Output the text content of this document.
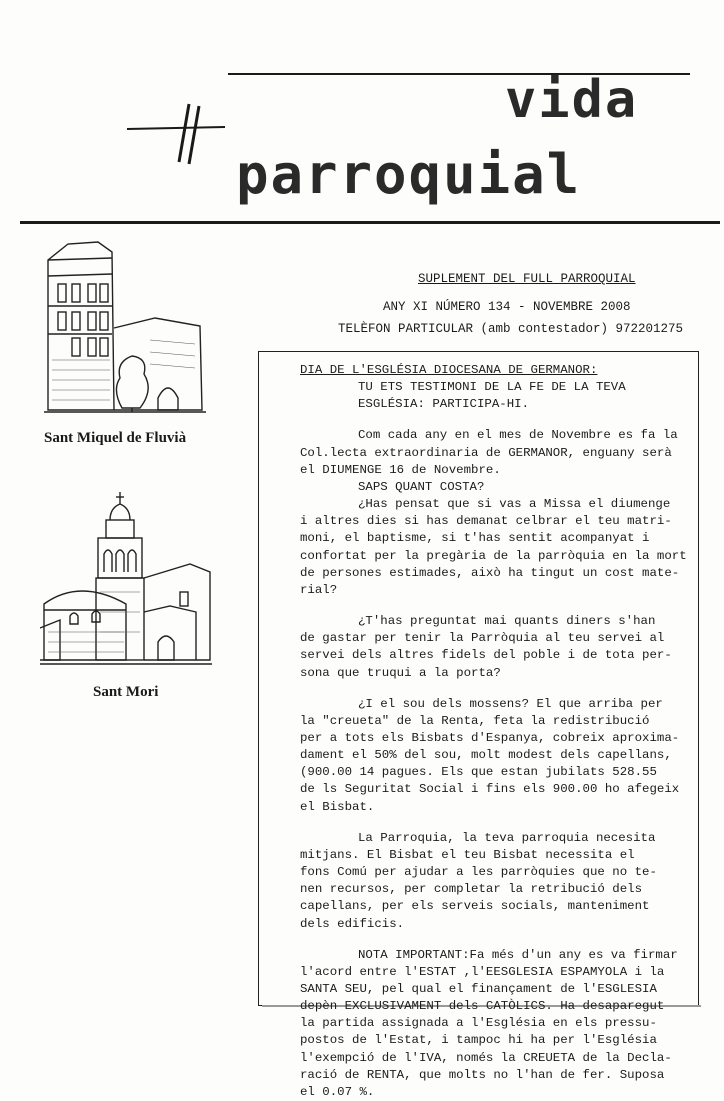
vida
parroquial
SUPLEMENT DEL FULL PARROQUIAL
ANY XI NÚMERO 134 - NOVEMBRE 2008
TELÈFON PARTICULAR (amb contestador) 972201275
Sant Miquel de Fluvià
Sant Mori
DIA DE L'ESGLÉSIA DIOCESANA DE GERMANOR:
TU ETS TESTIMONI DE LA FE DE LA TEVA
ESGLÉSIA: PARTICIPA-HI.
Com cada any en el mes de Novembre es fa la
Col.lecta extraordinaria de GERMANOR, enguany serà
el DIUMENGE 16 de Novembre.
SAPS QUANT COSTA?
¿Has pensat que si vas a Missa el diumenge
i altres dies si has demanat celbrar el teu matri-
moni, el baptisme, si t'has sentit acompanyat i
confortat per la pregària de la parròquia en la mort
de persones estimades, això ha tingut un cost mate-
rial?
¿T'has preguntat mai quants diners s'han
de gastar per tenir la Parròquia al teu servei al
servei dels altres fidels del poble i de tota per-
sona que truqui a la porta?
¿I el sou dels mossens? El que arriba per
la "creueta" de la Renta, feta la redistribució
per a tots els Bisbats d'Espanya, cobreix aproxima-
dament el 50% del sou, molt modest dels capellans,
(900.00 14 pagues. Els que estan jubilats 528.55
de ls Seguritat Social i fins els 900.00 ho afegeix
el Bisbat.
La Parroquia, la teva parroquia necesita
mitjans. El Bisbat el teu Bisbat necessita el
fons Comú per ajudar a les parròquies que no te-
nen recursos, per completar la retribució dels
capellans, per els serveis socials, manteniment
dels edificis.
NOTA IMPORTANT:Fa més d'un any es va firmar
l'acord entre l'ESTAT ,l'EESGLESIA ESPAMYOLA i la
SANTA SEU, pel qual el finançament de l'ESGLESIA
depèn EXCLUSIVAMENT dels CATÒLICS. Ha desaparegut
la partida assignada a l'Església en els pressu-
postos de l'Estat, i tampoc hi ha per l'Església
l'exempció de l'IVA, només la CREUETA de la Decla-
ració de RENTA, que molts no l'han de fer. Suposa
el 0.07 %.
